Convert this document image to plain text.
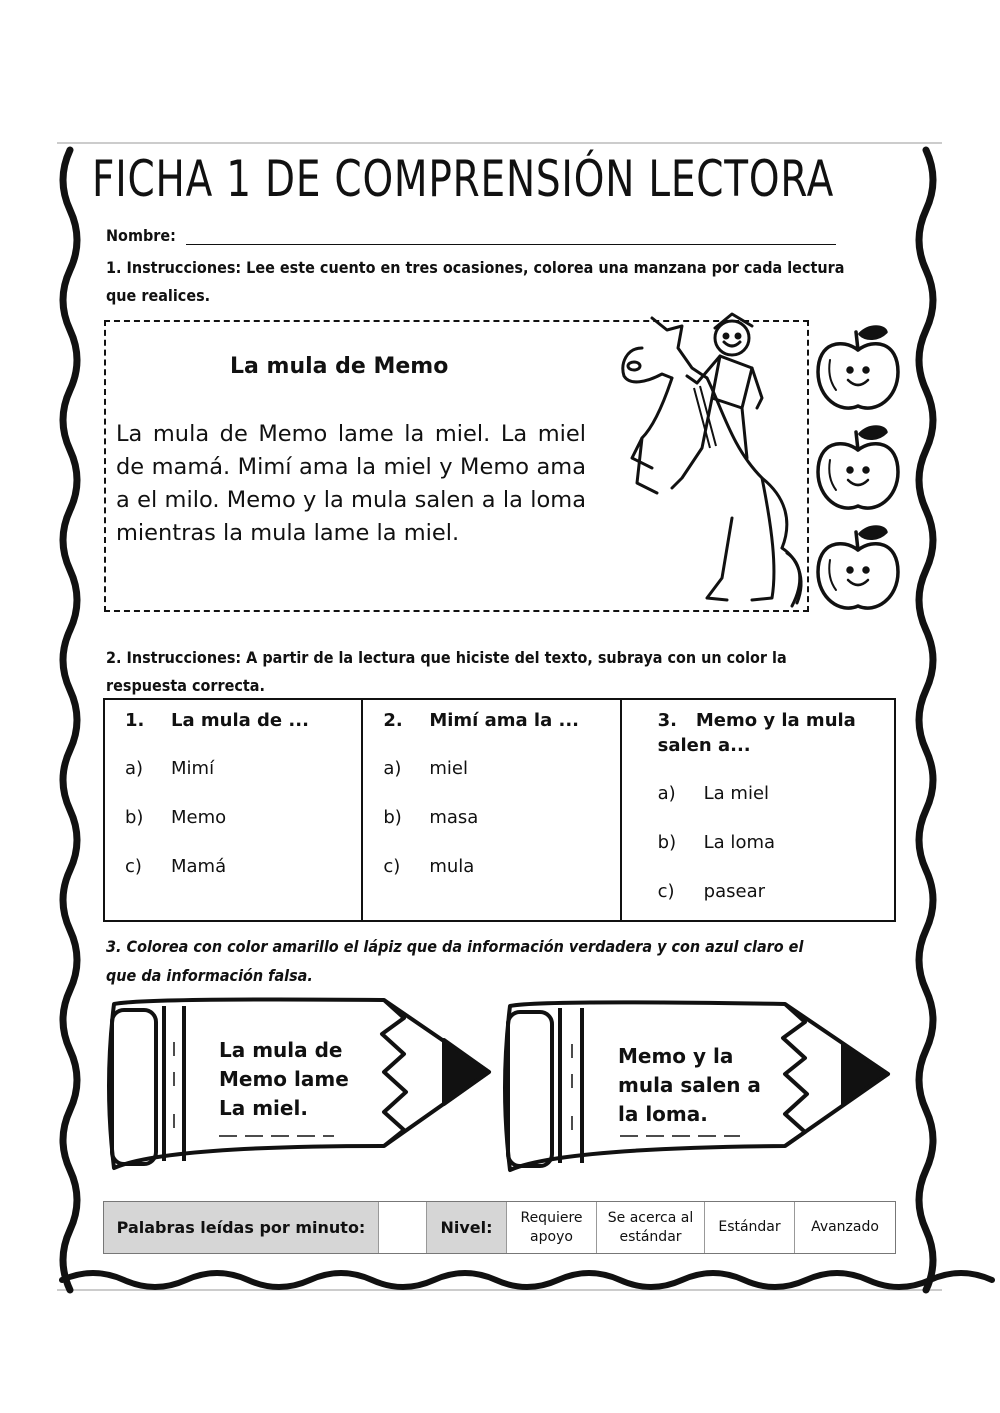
FICHA 1 DE COMPRENSIÓN LECTORA
Nombre:
1. Instrucciones: Lee este cuento en tres ocasiones, colorea una manzana por cada lectura que realices.
La mula de Memo
La mula de Memo lame la miel. La miel de mamá. Mimí ama la miel y Memo ama a el milo. Memo y la mula salen a la loma mientras la mula lame la miel.
2. Instrucciones: A partir de la lectura que hiciste del texto, subraya con un color la respuesta correcta.
1. La mula de ...
a) Mimí
b) Memo
c) Mamá
2. Mimí ama la ...
a) miel
b) masa
c) mula
3. Memo y la mula salen a...
a) La miel
b) La loma
c) pasear
3. Colorea con color amarillo el lápiz que da información verdadera y con azul claro el que da información falsa.
La mula de
Memo lame
La miel.
Memo y la
mula salen a
la loma.
Palabras leídas por minuto:	Nivel:
Requiere
apoyo
Se acerca al
estándar
Estándar Avanzado
